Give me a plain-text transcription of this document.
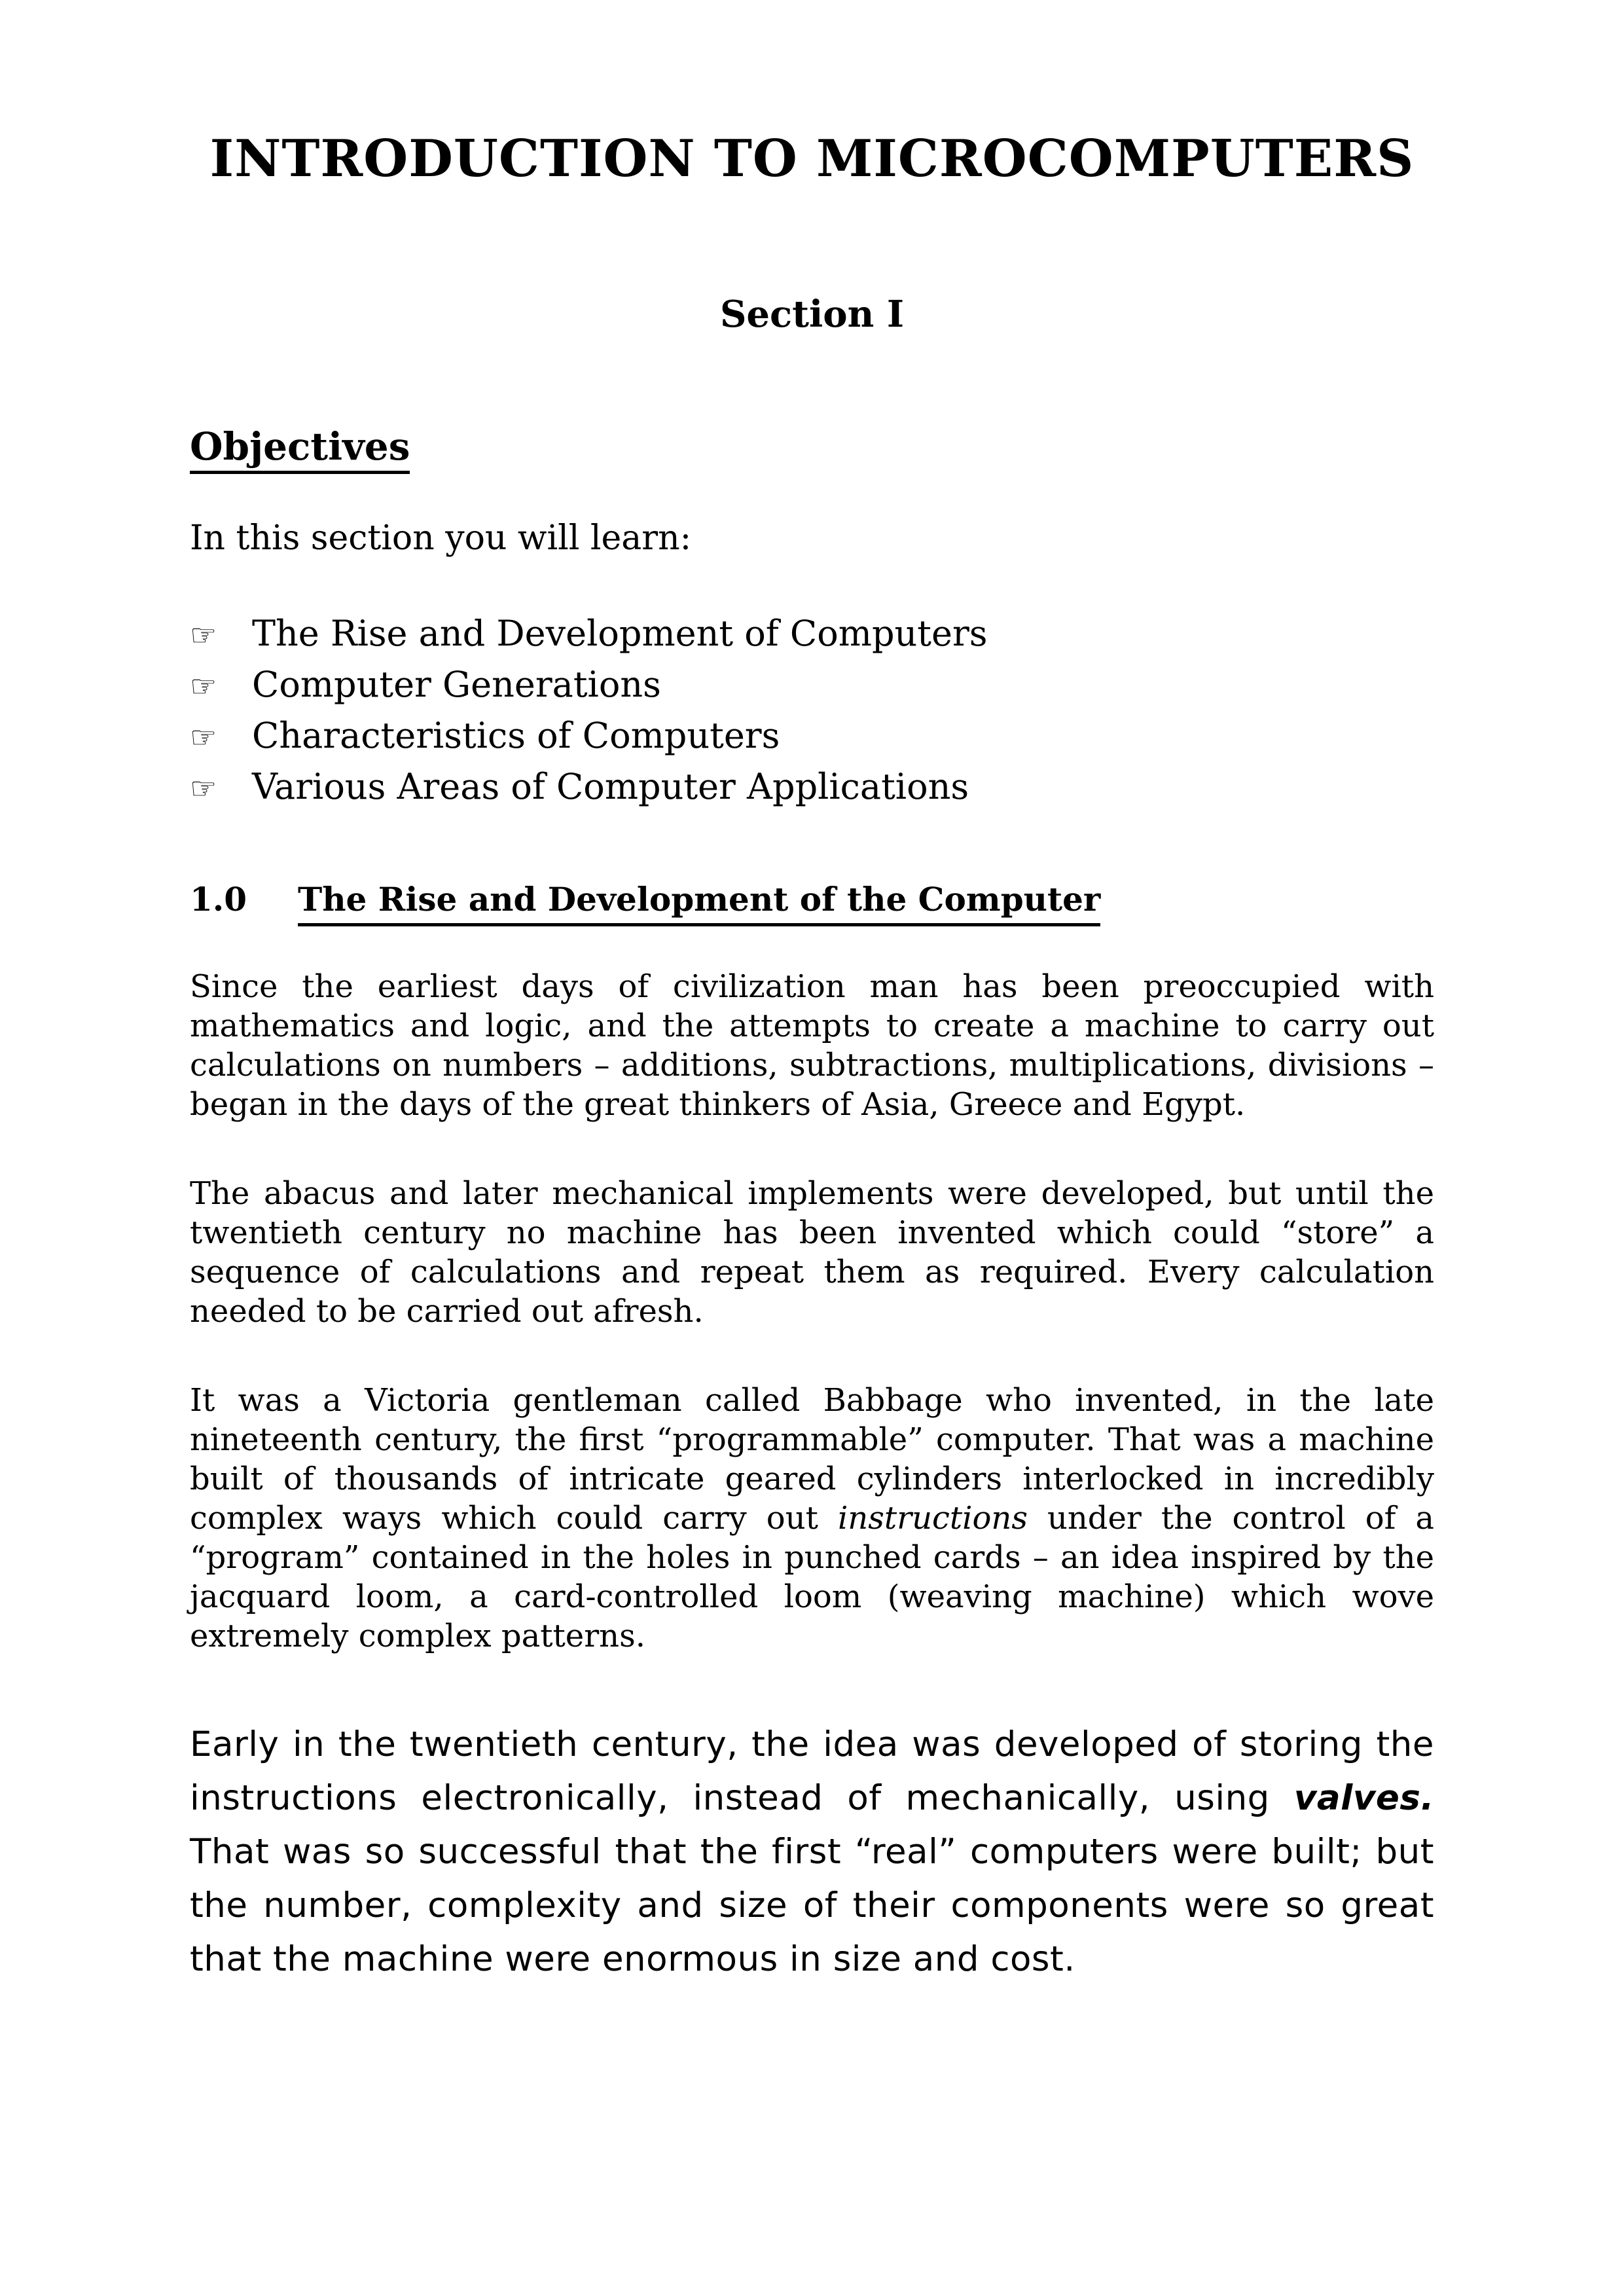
INTRODUCTION TO MICROCOMPUTERS
Section I
Objectives

In this section you will learn:

☞ The Rise and Development of Computers
☞ Computer Generations
☞ Characteristics of Computers
☞ Various Areas of Computer Applications
1.0	The Rise and Development of the Computer

Since the earliest days of civilization man has been preoccupied with mathematics and logic, and the attempts to create a machine to carry out calculations on numbers – additions, subtractions, multiplications, divisions – began in the days of the great thinkers of Asia, Greece and Egypt.

The abacus and later mechanical implements were developed, but until the twentieth century no machine has been invented which could “store” a sequence of calculations and repeat them as required. Every calculation needed to be carried out afresh.

It was a Victoria gentleman called Babbage who invented, in the late nineteenth century, the first “programmable” computer. That was a machine built of thousands of intricate geared cylinders interlocked in incredibly complex ways which could carry out instructions under the control of a “program” contained in the holes in punched cards – an idea inspired by the jacquard loom, a card-controlled loom (weaving machine) which wove extremely complex patterns.

Early in the twentieth century, the idea was developed of storing the instructions electronically, instead of mechanically, using valves. That was so successful that the first “real” computers were built; but the number, complexity and size of their components were so great that the machine were enormous in size and cost.
